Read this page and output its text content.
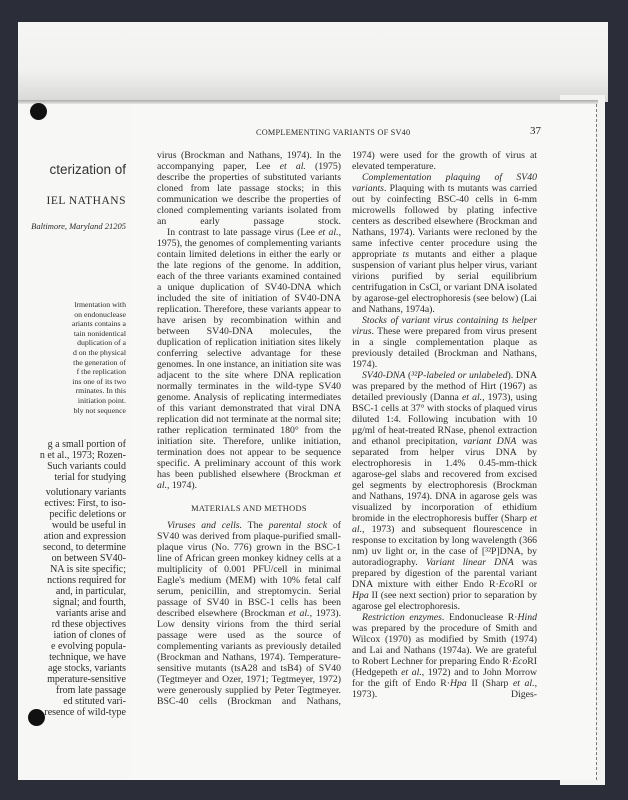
cterization of
IEL NATHANS
Baltimore, Maryland 21205
lrmentation with
on endonuclease
ariants contains a
tain nonidentical
duplication of a
d on the physical
the generation of
f the replication
ins one of its two
rminates. In this
initiation point.
bly not sequence
g a small portion of
n et al., 1973; Rozen-
Such variants could
terial for studying
volutionary variants
ectives: First, to iso-
pecific deletions or
would be useful in
ation and expression
second, to determine
on between SV40-
NA is site specific;
nctions required for
and, in particular,
signal; and fourth,
variants arise and
rd these objectives
iation of clones of
e evolving popula-
technique, we have
age stocks, variants
mperature-sensitive
from late passage
ed stituted vari-
resence of wild-type
COMPLEMENTING VARIANTS OF SV40	37

virus (Brockman and Nathans, 1974). In the accompanying paper, Lee et al. (1975) describe the properties of substituted variants cloned from late passage stocks; in this communication we describe the properties of cloned complementing variants isolated from an early passage stock.

In contrast to late passage virus (Lee et al., 1975), the genomes of complementing variants contain limited deletions in either the early or the late regions of the genome. In addition, each of the three variants examined contained a unique duplication of SV40-DNA which included the site of initiation of SV40-DNA replication. Therefore, these variants appear to have arisen by recombination within and between SV40-DNA molecules, the duplication of replication initiation sites likely conferring selective advantage for these genomes. In one instance, an initiation site was adjacent to the site where DNA replication normally terminates in the wild-type SV40 genome. Analysis of replicating intermediates of this variant demonstrated that viral DNA replication did not terminate at the normal site; rather replication terminated 180° from the initiation site. Therefore, unlike initiation, termination does not appear to be sequence specific. A preliminary account of this work has been published elsewhere (Brockman et al., 1974).

MATERIALS AND METHODS

Viruses and cells. The parental stock of SV40 was derived from plaque-purified small-plaque virus (No. 776) grown in the BSC-1 line of African green monkey kidney cells at a multiplicity of 0.001 PFU/cell in minimal Eagle's medium (MEM) with 10% fetal calf serum, penicillin, and streptomycin. Serial passage of SV40 in BSC-1 cells has been described elsewhere (Brockman et al., 1973). Low density virions from the third serial passage were used as the source of complementing variants as previously detailed (Brockman and Nathans, 1974). Temperature-sensitive mutants (tsA28 and tsB4) of SV40 (Tegtmeyer and Ozer, 1971; Tegtmeyer, 1972) were generously supplied by Peter Tegtmeyer. BSC-40 cells (Brockman and Nathans,

1974) were used for the growth of virus at elevated temperature.

Complementation plaquing of SV40 variants. Plaquing with ts mutants was carried out by coinfecting BSC-40 cells in 6-mm microwells followed by plating infective centers as described elsewhere (Brockman and Nathans, 1974). Variants were recloned by the same infective center procedure using the appropriate ts mutants and either a plaque suspension of variant plus helper virus, variant virions purified by serial equilibrium centrifugation in CsCl, or variant DNA isolated by agarose-gel electrophoresis (see below) (Lai and Nathans, 1974a).

Stocks of variant virus containing ts helper virus. These were prepared from virus present in a single complementation plaque as previously detailed (Brockman and Nathans, 1974).

SV40-DNA (³²P-labeled or unlabeled). DNA was prepared by the method of Hirt (1967) as detailed previously (Danna et al., 1973), using BSC-1 cells at 37° with stocks of plaqued virus diluted 1:4. Following incubation with 10 μg/ml of heat-treated RNase, phenol extraction and ethanol precipitation, variant DNA was separated from helper virus DNA by electrophoresis in 1.4% 0.45-mm-thick agarose-gel slabs and recovered from excised gel segments by electrophoresis (Brockman and Nathans, 1974). DNA in agarose gels was visualized by incorporation of ethidium bromide in the electrophoresis buffer (Sharp et al., 1973) and subsequent flourescence in response to excitation by long wavelength (366 nm) uv light or, in the case of [³²P]DNA, by autoradiography. Variant linear DNA was prepared by digestion of the parental variant DNA mixture with either Endo R·EcoRI or Hpa II (see next section) prior to separation by agarose gel electrophoresis.

Restriction enzymes. Endonuclease R·Hind was prepared by the procedure of Smith and Wilcox (1970) as modified by Smith (1974) and Lai and Nathans (1974a). We are grateful to Robert Lechner for preparing Endo R·EcoRI (Hedgepeth et al., 1972) and to John Morrow for the gift of Endo R·Hpa II (Sharp et al., 1973). Diges-
